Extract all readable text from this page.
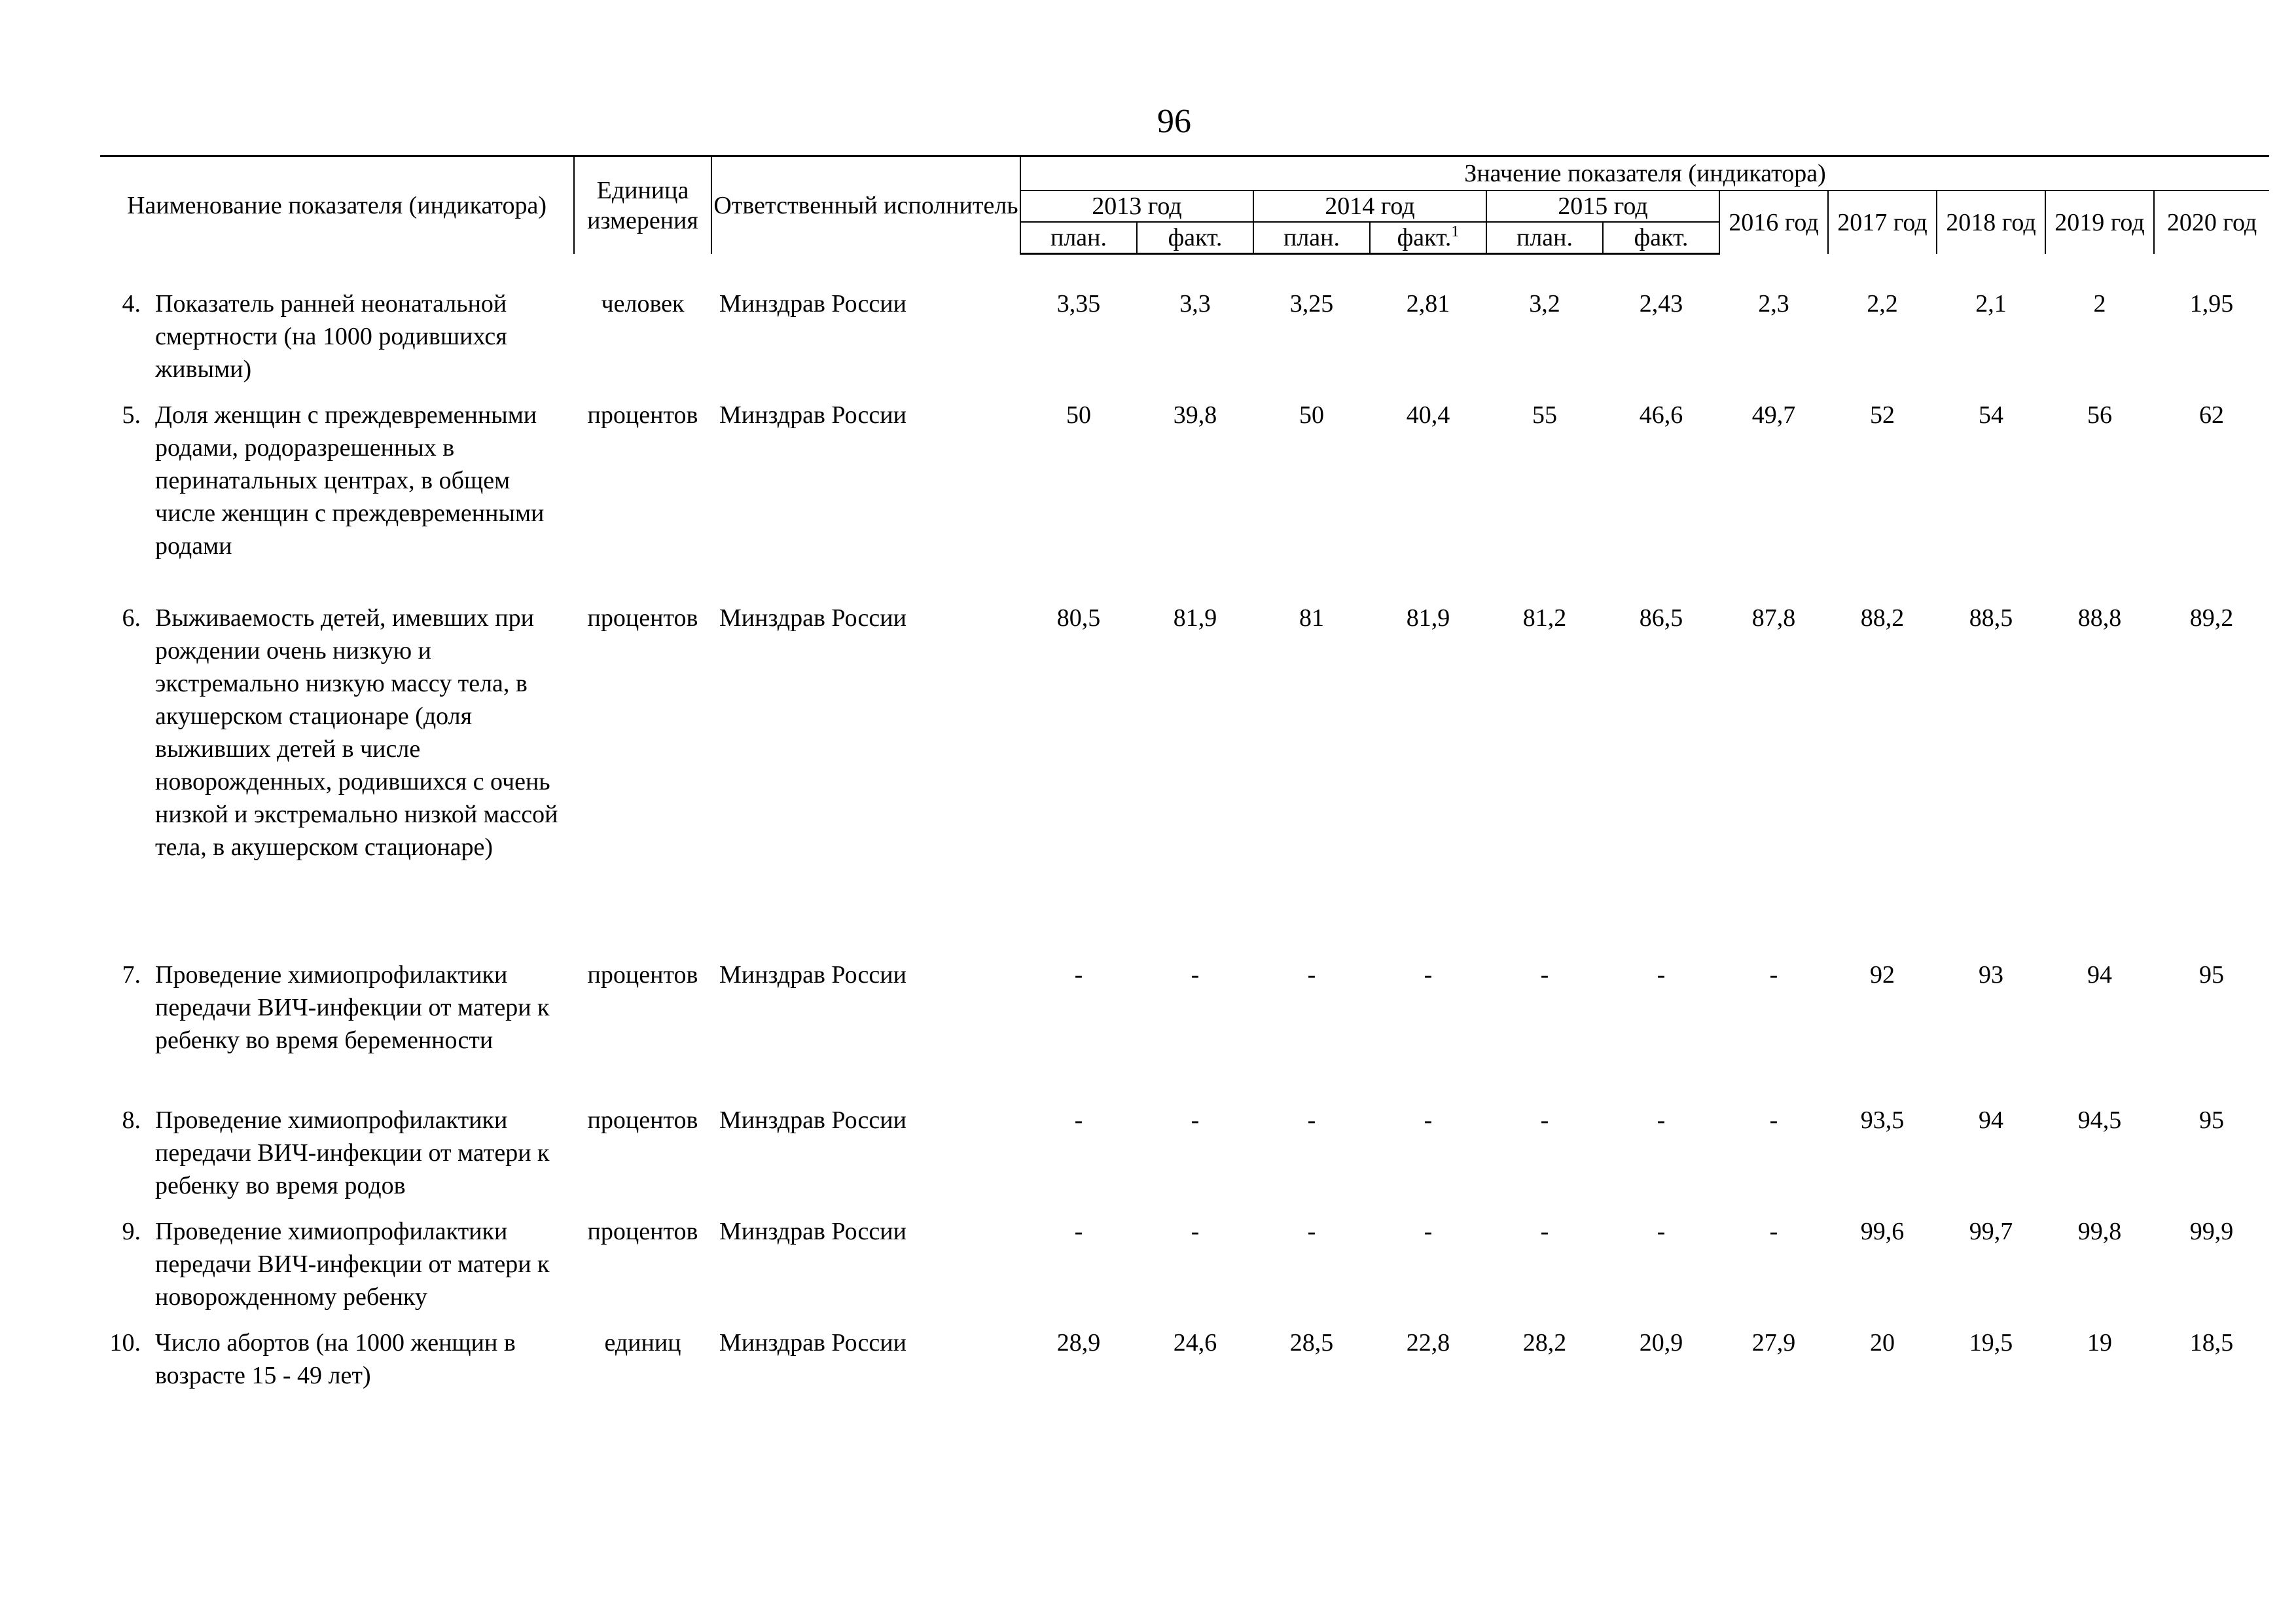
96
Наименование показателя (индикатора)		Единица измерения	Ответственный исполнитель	Значение показателя (индикатора)										
				2013 год		2014 год		2015 год		2016 год	2017 год	2018 год	2019 год	2020 год
				план.	факт.	план.	факт.$^1$	план.	факт.					

4.	Показатель ранней неонатальной смертности (на 1000 родившихся живыми)	человек	Минздрав России	3,35	3,3	3,25	2,81	3,2	2,43	2,3	2,2	2,1	2	1,95
5.	Доля женщин с преждевременными родами, родоразрешенных в перинатальных центрах, в общем числе женщин с преждевременными родами	процентов	Минздрав России	50	39,8	50	40,4	55	46,6	49,7	52	54	56	62
6.	Выживаемость детей, имевших при рождении очень низкую и экстремально низкую массу тела, в акушерском стационаре (доля выживших детей в числе новорожденных, родившихся с очень низкой и экстремально низкой массой тела, в акушерском стационаре)	процентов	Минздрав России	80,5	81,9	81	81,9	81,2	86,5	87,8	88,2	88,5	88,8	89,2
7.	Проведение химиопрофилактики передачи ВИЧ-инфекции от матери к ребенку во время беременности	процентов	Минздрав России	-	-	-	-	-	-	-	92	93	94	95
8.	Проведение химиопрофилактики передачи ВИЧ-инфекции от матери к ребенку во время родов	процентов	Минздрав России	-	-	-	-	-	-	-	93,5	94	94,5	95
9.	Проведение химиопрофилактики передачи ВИЧ-инфекции от матери к новорожденному ребенку	процентов	Минздрав России	-	-	-	-	-	-	-	99,6	99,7	99,8	99,9
10.	Число абортов (на 1000 женщин в возрасте 15 - 49 лет)	единиц	Минздрав России	28,9	24,6	28,5	22,8	28,2	20,9	27,9	20	19,5	19	18,5
